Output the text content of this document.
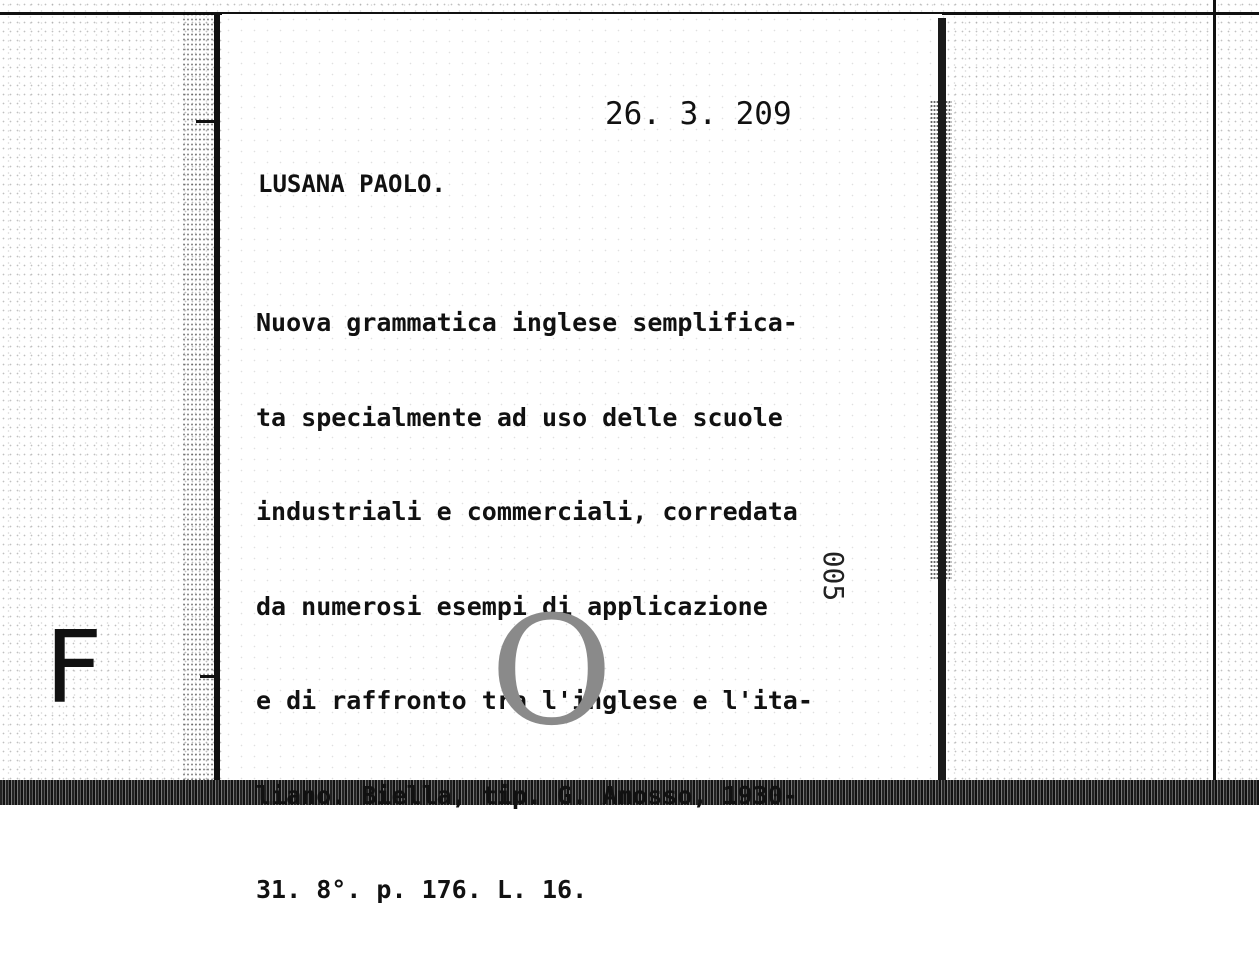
26. 3. 209
LUSANA PAOLO.

Nuova grammatica inglese semplifica-

ta specialmente ad uso delle scuole

industriali e commerciali, corredata

da numerosi esempi di applicazione

e di raffronto tra l'inglese e l'ita-

liano. Biella, tip. G. Amosso, 1930-

31. 8°. p. 176. L. 16.

005
F	O
